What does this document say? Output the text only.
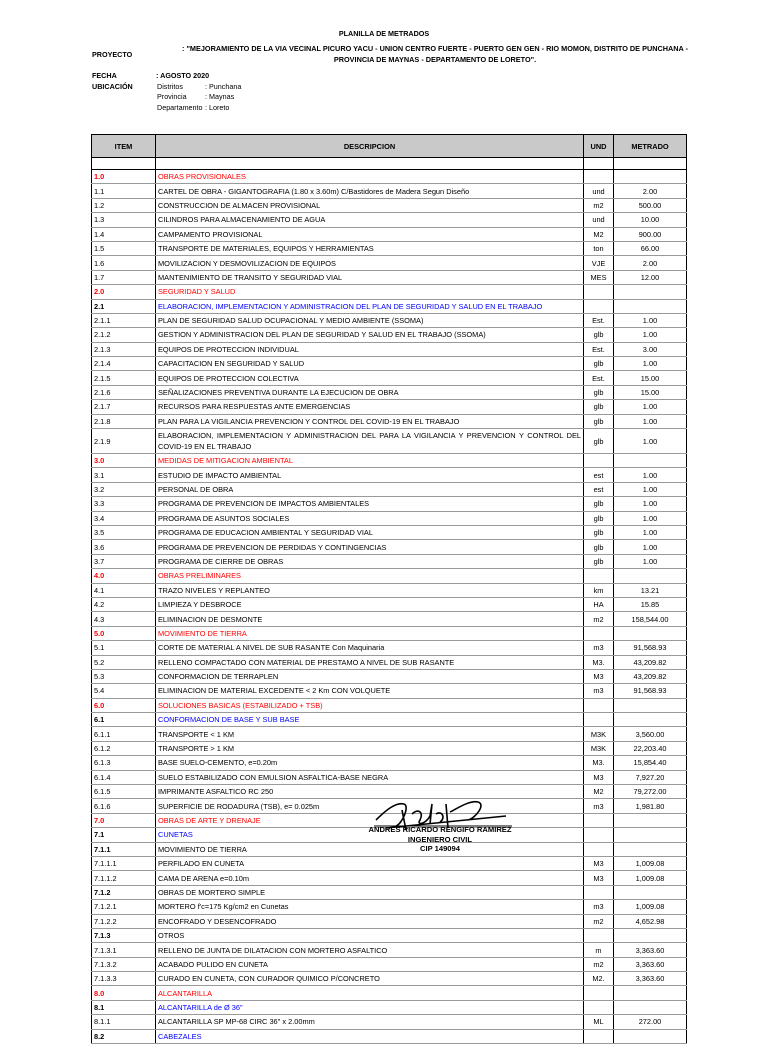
PLANILLA DE METRADOS
PROYECTO
: "MEJORAMIENTO DE LA VIA VECINAL PICURO YACU - UNION CENTRO FUERTE - PUERTO GEN GEN - RIO MOMON, DISTRITO DE PUNCHANA -
PROVINCIA DE MAYNAS - DEPARTAMENTO DE LORETO".
FECHA	: AGOSTO 2020
UBICACIÓN	Distritos	: Punchana
Provincia	: Maynas
Departamento : Loreto
ITEM	DESCRIPCION	UND	METRADO

1.0	OBRAS PROVISIONALES		
1.1	CARTEL DE OBRA - GIGANTOGRAFIA (1.80 x 3.60m) C/Bastidores de Madera Segun Diseño	und	2.00
1.2	CONSTRUCCION DE ALMACEN PROVISIONAL	m2	500.00
1.3	CILINDROS PARA ALMACENAMIENTO DE AGUA	und	10.00
1.4	CAMPAMENTO PROVISIONAL	M2	900.00
1.5	TRANSPORTE DE MATERIALES, EQUIPOS Y HERRAMIENTAS	ton	66.00
1.6	MOVILIZACION Y DESMOVILIZACION DE EQUIPOS	VJE	2.00
1.7	MANTENIMIENTO DE TRANSITO Y SEGURIDAD VIAL	MES	12.00
2.0	SEGURIDAD Y SALUD		
2.1	ELABORACION, IMPLEMENTACION Y ADMINISTRACION DEL PLAN DE SEGURIDAD Y SALUD EN EL TRABAJO		
2.1.1	PLAN DE SEGURIDAD SALUD OCUPACIONAL Y MEDIO AMBIENTE (SSOMA)	Est.	1.00
2.1.2	GESTION Y ADMINISTRACION DEL PLAN DE SEGURIDAD Y SALUD EN EL TRABAJO (SSOMA)	glb	1.00
2.1.3	EQUIPOS DE PROTECCION INDIVIDUAL	Est.	3.00
2.1.4	CAPACITACION EN SEGURIDAD Y SALUD	glb	1.00
2.1.5	EQUIPOS DE PROTECCION COLECTIVA	Est.	15.00
2.1.6	SEÑALIZACIONES PREVENTIVA DURANTE LA EJECUCION DE OBRA	glb	15.00
2.1.7	RECURSOS PARA RESPUESTAS ANTE EMERGENCIAS	glb	1.00
2.1.8	PLAN PARA LA VIGILANCIA PREVENCION Y CONTROL DEL COVID-19 EN EL TRABAJO	glb	1.00
2.1.9	ELABORACION, IMPLEMENTACION Y ADMINISTRACION DEL PARA LA VIGILANCIA Y PREVENCION Y CONTROL DEL COVID-19 EN EL TRABAJO	glb	1.00
3.0	MEDIDAS DE MITIGACION AMBIENTAL		
3.1	ESTUDIO DE IMPACTO AMBIENTAL	est	1.00
3.2	PERSONAL DE OBRA	est	1.00
3.3	PROGRAMA DE PREVENCION DE IMPACTOS AMBIENTALES	glb	1.00
3.4	PROGRAMA DE ASUNTOS SOCIALES	glb	1.00
3.5	PROGRAMA DE EDUCACION AMBIENTAL Y SEGURIDAD VIAL	glb	1.00
3.6	PROGRAMA DE PREVENCION DE PERDIDAS Y CONTINGENCIAS	glb	1.00
3.7	PROGRAMA DE CIERRE DE OBRAS	glb	1.00
4.0	OBRAS PRELIMINARES		
4.1	TRAZO NIVELES Y REPLANTEO	km	13.21
4.2	LIMPIEZA Y DESBROCE	HA	15.85
4.3	ELIMINACION DE DESMONTE	m2	158,544.00
5.0	MOVIMIENTO DE TIERRA		
5.1	CORTE DE MATERIAL A NIVEL DE SUB RASANTE Con Maquinaria	m3	91,568.93
5.2	RELLENO COMPACTADO CON MATERIAL DE PRESTAMO A NIVEL DE SUB RASANTE	M3.	43,209.82
5.3	CONFORMACION DE TERRAPLEN	M3	43,209.82
5.4	ELIMINACION DE MATERIAL EXCEDENTE < 2 Km CON VOLQUETE	m3	91,568.93
6.0	SOLUCIONES BASICAS (ESTABILIZADO + TSB)		
6.1	CONFORMACION DE BASE Y SUB BASE		
6.1.1	TRANSPORTE < 1 KM	M3K	3,560.00
6.1.2	TRANSPORTE > 1 KM	M3K	22,203.40
6.1.3	BASE SUELO-CEMENTO, e=0.20m	M3.	15,854.40
6.1.4	SUELO ESTABILIZADO CON EMULSION ASFALTICA-BASE NEGRA	M3	7,927.20
6.1.5	IMPRIMANTE ASFALTICO RC 250	M2	79,272.00
6.1.6	SUPERFICIE DE RODADURA (TSB), e= 0.025m	m3	1,981.80
7.0	OBRAS DE ARTE Y DRENAJE		
7.1	CUNETAS		
7.1.1	MOVIMIENTO DE TIERRA		
7.1.1.1	PERFILADO EN CUNETA	M3	1,009.08
7.1.1.2	CAMA DE ARENA e=0.10m	M3	1,009.08
7.1.2	OBRAS DE MORTERO SIMPLE		
7.1.2.1	MORTERO f'c=175 Kg/cm2 en Cunetas	m3	1,009.08
7.1.2.2	ENCOFRADO Y DESENCOFRADO	m2	4,652.98
7.1.3	OTROS		
7.1.3.1	RELLENO DE JUNTA DE DILATACION CON MORTERO ASFALTICO	m	3,363.60
7.1.3.2	ACABADO PULIDO EN CUNETA	m2	3,363.60
7.1.3.3	CURADO EN CUNETA, CON CURADOR QUIMICO P/CONCRETO	M2.	3,363.60
8.0	ALCANTARILLA		
8.1	ALCANTARILLA de Ø 36"		
8.1.1	ALCANTARILLA SP MP-68 CIRC 36" x 2.00mm	ML	272.00
8.2	CABEZALES		
ANDRES RICARDO RENGIFO RAMIREZ
INGENIERO CIVIL
CIP 149094
